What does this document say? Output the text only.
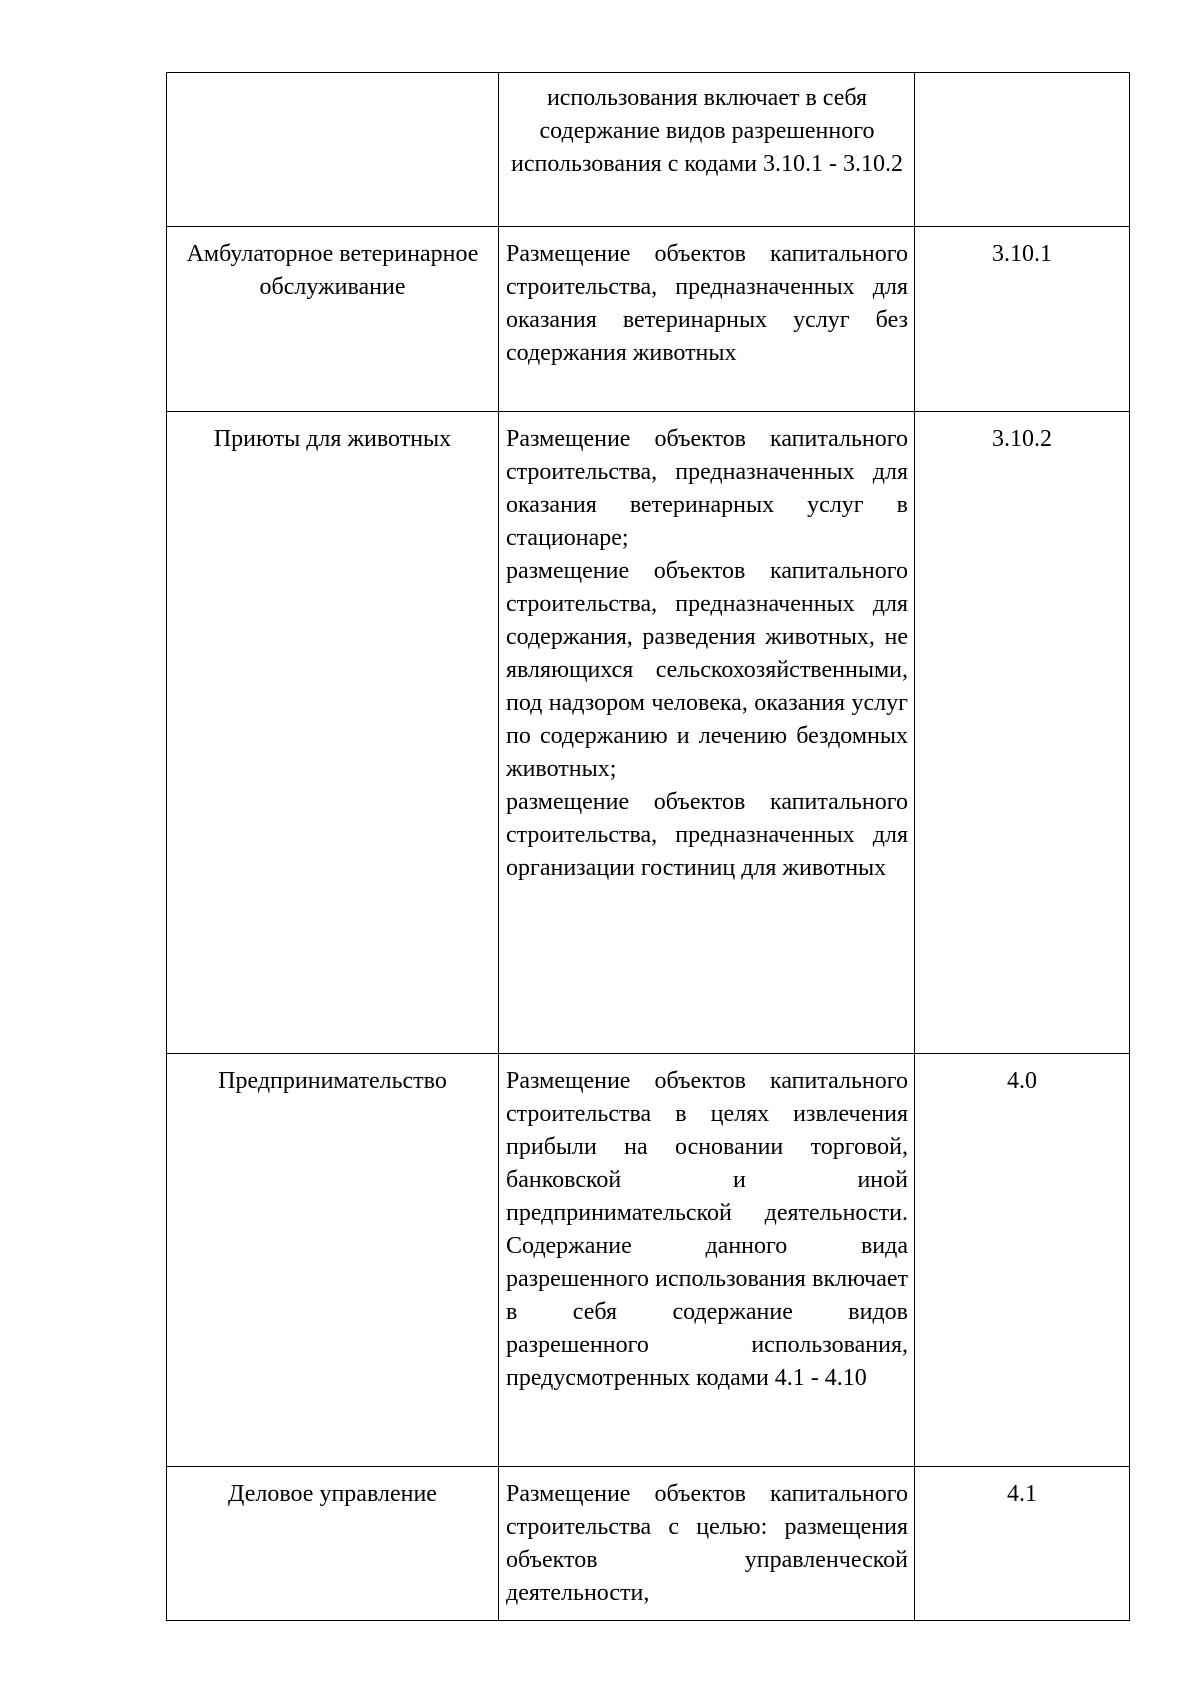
	использования включает в себя содержание видов разрешенного использования с кодами 3.10.1 - 3.10.2	

Амбулаторное ветеринарное обслуживание	Размещение объектов капитального строительства, предназначенных для оказания ветеринарных услуг без содержания животных	3.10.1
Приюты для животных	Размещение объектов капитального строительства, предназначенных для оказания ветеринарных услуг в стационаре;

размещение объектов капитального строительства, предназначенных для содержания, разведения животных, не являющихся сельскохозяйственными, под надзором человека, оказания услуг по содержанию и лечению бездомных животных;

размещение объектов капитального строительства, предназначенных для организации гостиниц для животных	3.10.2
Предпринимательство	Размещение объектов капитального строительства в целях извлечения прибыли на основании торговой, банковской и иной предпринимательской деятельности. Содержание данного вида разрешенного использования включает в себя содержание видов разрешенного использования, предусмотренных кодами 4.1 - 4.10	4.0
Деловое управление	Размещение объектов капитального строительства с целью: размещения объектов управленческой деятельности,	4.1
